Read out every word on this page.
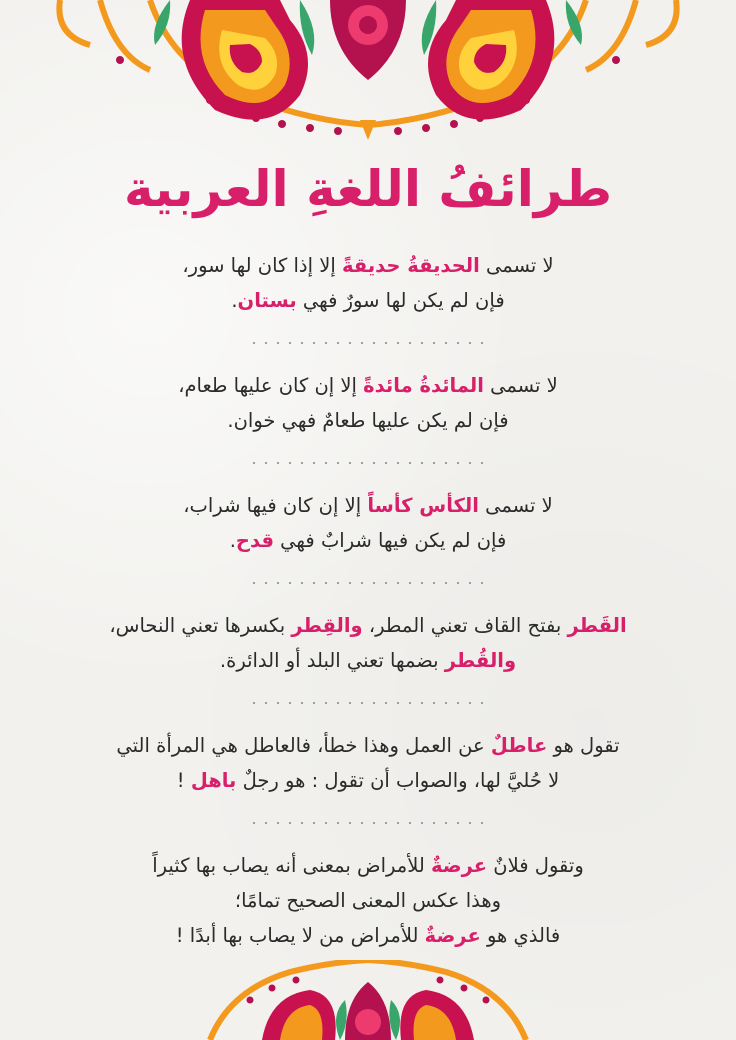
طرائفُ اللغةِ العربية
لا تسمى الحديقةُ حديقةً إلا إذا كان لها سور،
فإن لم يكن لها سورٌ فهي بستان.
لا تسمى المائدةُ مائدةً إلا إن كان عليها طعام،
فإن لم يكن عليها طعامٌ فهي خوان.
لا تسمى الكأس كأساً إلا إن كان فيها شراب،
فإن لم يكن فيها شرابٌ فهي قدح.
القَطر بفتح القاف تعني المطر، والقِطر بكسرها تعني النحاس،
والقُطر بضمها تعني البلد أو الدائرة.
تقول هو عاطلٌ عن العمل وهذا خطأ، فالعاطل هي المرأة التي
لا حُليَّ لها، والصواب أن تقول : هو رجلٌ باهل !
وتقول فلانٌ عرضةٌ للأمراض بمعنى أنه يصاب بها كثيراً
وهذا عكس المعنى الصحيح تمامًا؛
فالذي هو عرضةٌ للأمراض من لا يصاب بها أبدًا !
